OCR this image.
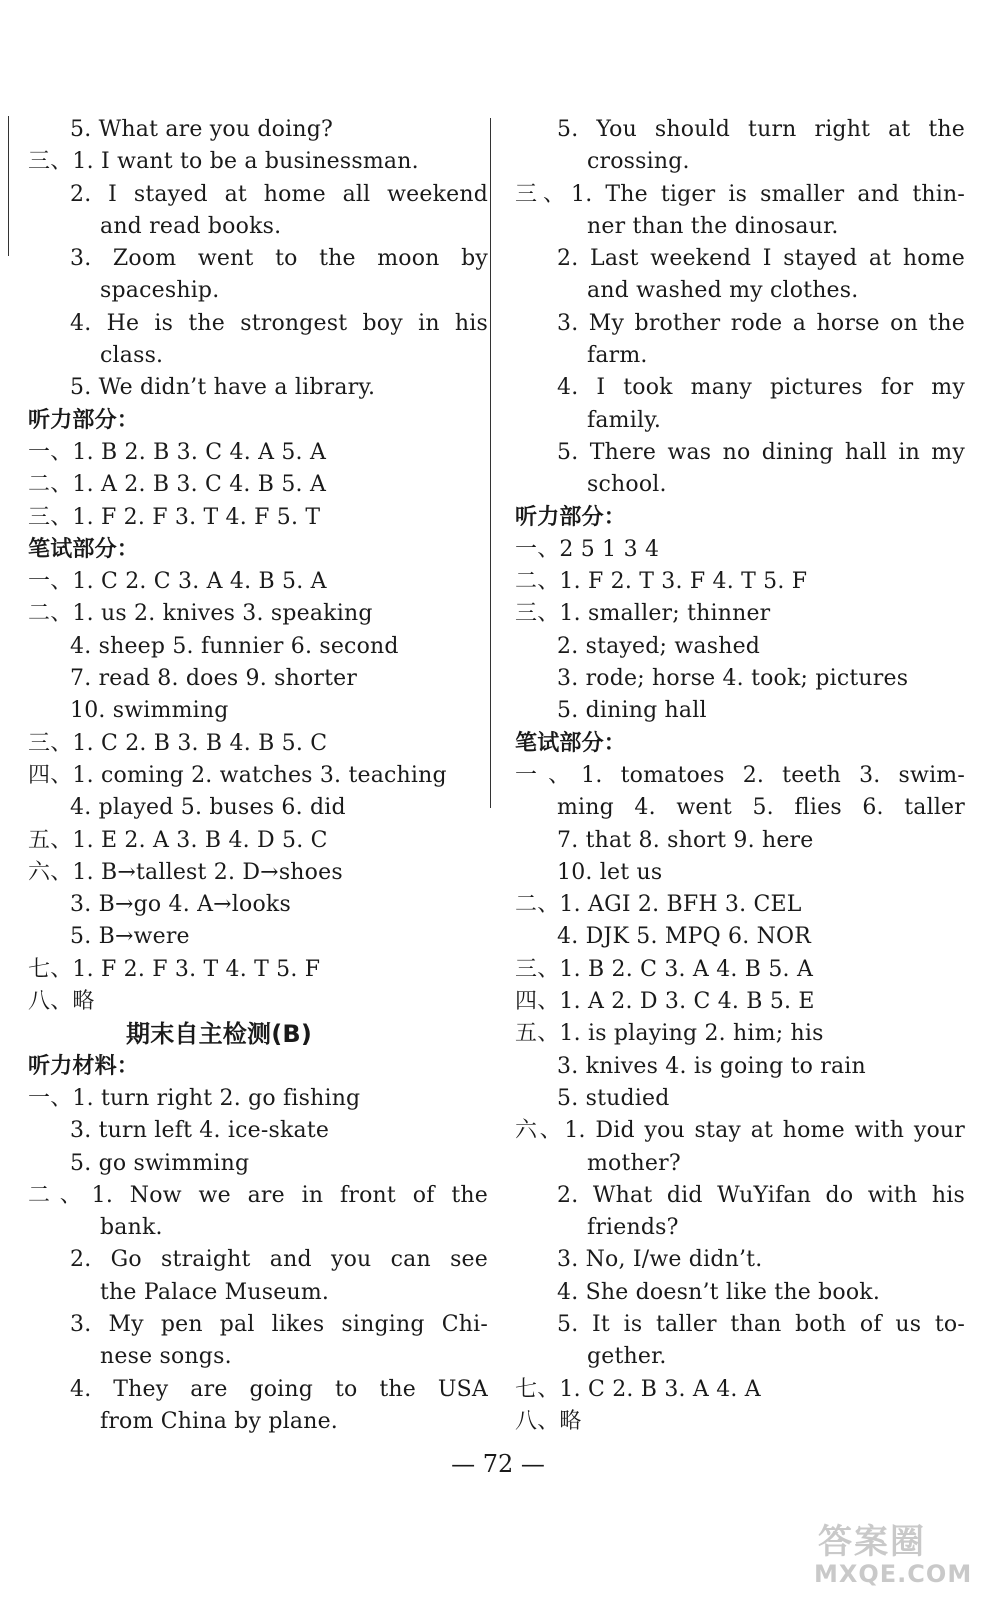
5. What are you doing?
三、1. I want to be a businessman.
2. I stayed at home all weekend
and read books.
3. Zoom went to the moon by
spaceship.
4. He is the strongest boy in his
class.
5. We didn’t have a library.
听力部分：
一、1. B 2. B 3. C 4. A 5. A
二、1. A 2. B 3. C 4. B 5. A
三、1. F 2. F 3. T 4. F 5. T
笔试部分：
一、1. C 2. C 3. A 4. B 5. A
二、1. us 2. knives 3. speaking
4. sheep 5. funnier 6. second
7. read 8. does 9. shorter
10. swimming
三、1. C 2. B 3. B 4. B 5. C
四、1. coming 2. watches 3. teaching
4. played 5. buses 6. did
五、1. E 2. A 3. B 4. D 5. C
六、1. B→tallest 2. D→shoes
3. B→go 4. A→looks
5. B→were
七、1. F 2. F 3. T 4. T 5. F
八、略
期末自主检测(B)
听力材料：
一、1. turn right 2. go fishing
3. turn left 4. ice-skate
5. go swimming
二、1. Now we are in front of the
bank.
2. Go straight and you can see
the Palace Museum.
3. My pen pal likes singing Chi-
nese songs.
4. They are going to the USA
from China by plane.
5. You should turn right at the
crossing.
三、1. The tiger is smaller and thin-
ner than the dinosaur.
2. Last weekend I stayed at home
and washed my clothes.
3. My brother rode a horse on the
farm.
4. I took many pictures for my
family.
5. There was no dining hall in my
school.
听力部分：
一、2 5 1 3 4
二、1. F 2. T 3. F 4. T 5. F
三、1. smaller; thinner
2. stayed; washed
3. rode; horse 4. took; pictures
5. dining hall
笔试部分：
一、1. tomatoes 2. teeth 3. swim-
ming 4. went 5. flies 6. taller
7. that 8. short 9. here
10. let us
二、1. AGI 2. BFH 3. CEL
4. DJK 5. MPQ 6. NOR
三、1. B 2. C 3. A 4. B 5. A
四、1. A 2. D 3. C 4. B 5. E
五、1. is playing 2. him; his
3. knives 4. is going to rain
5. studied
六、1. Did you stay at home with your
mother?
2. What did WuYifan do with his
friends?
3. No, I/we didn’t.
4. She doesn’t like the book.
5. It is taller than both of us to-
gether.
七、1. C 2. B 3. A 4. A
八、略
— 72 —
答案圈
MXQE.COM
